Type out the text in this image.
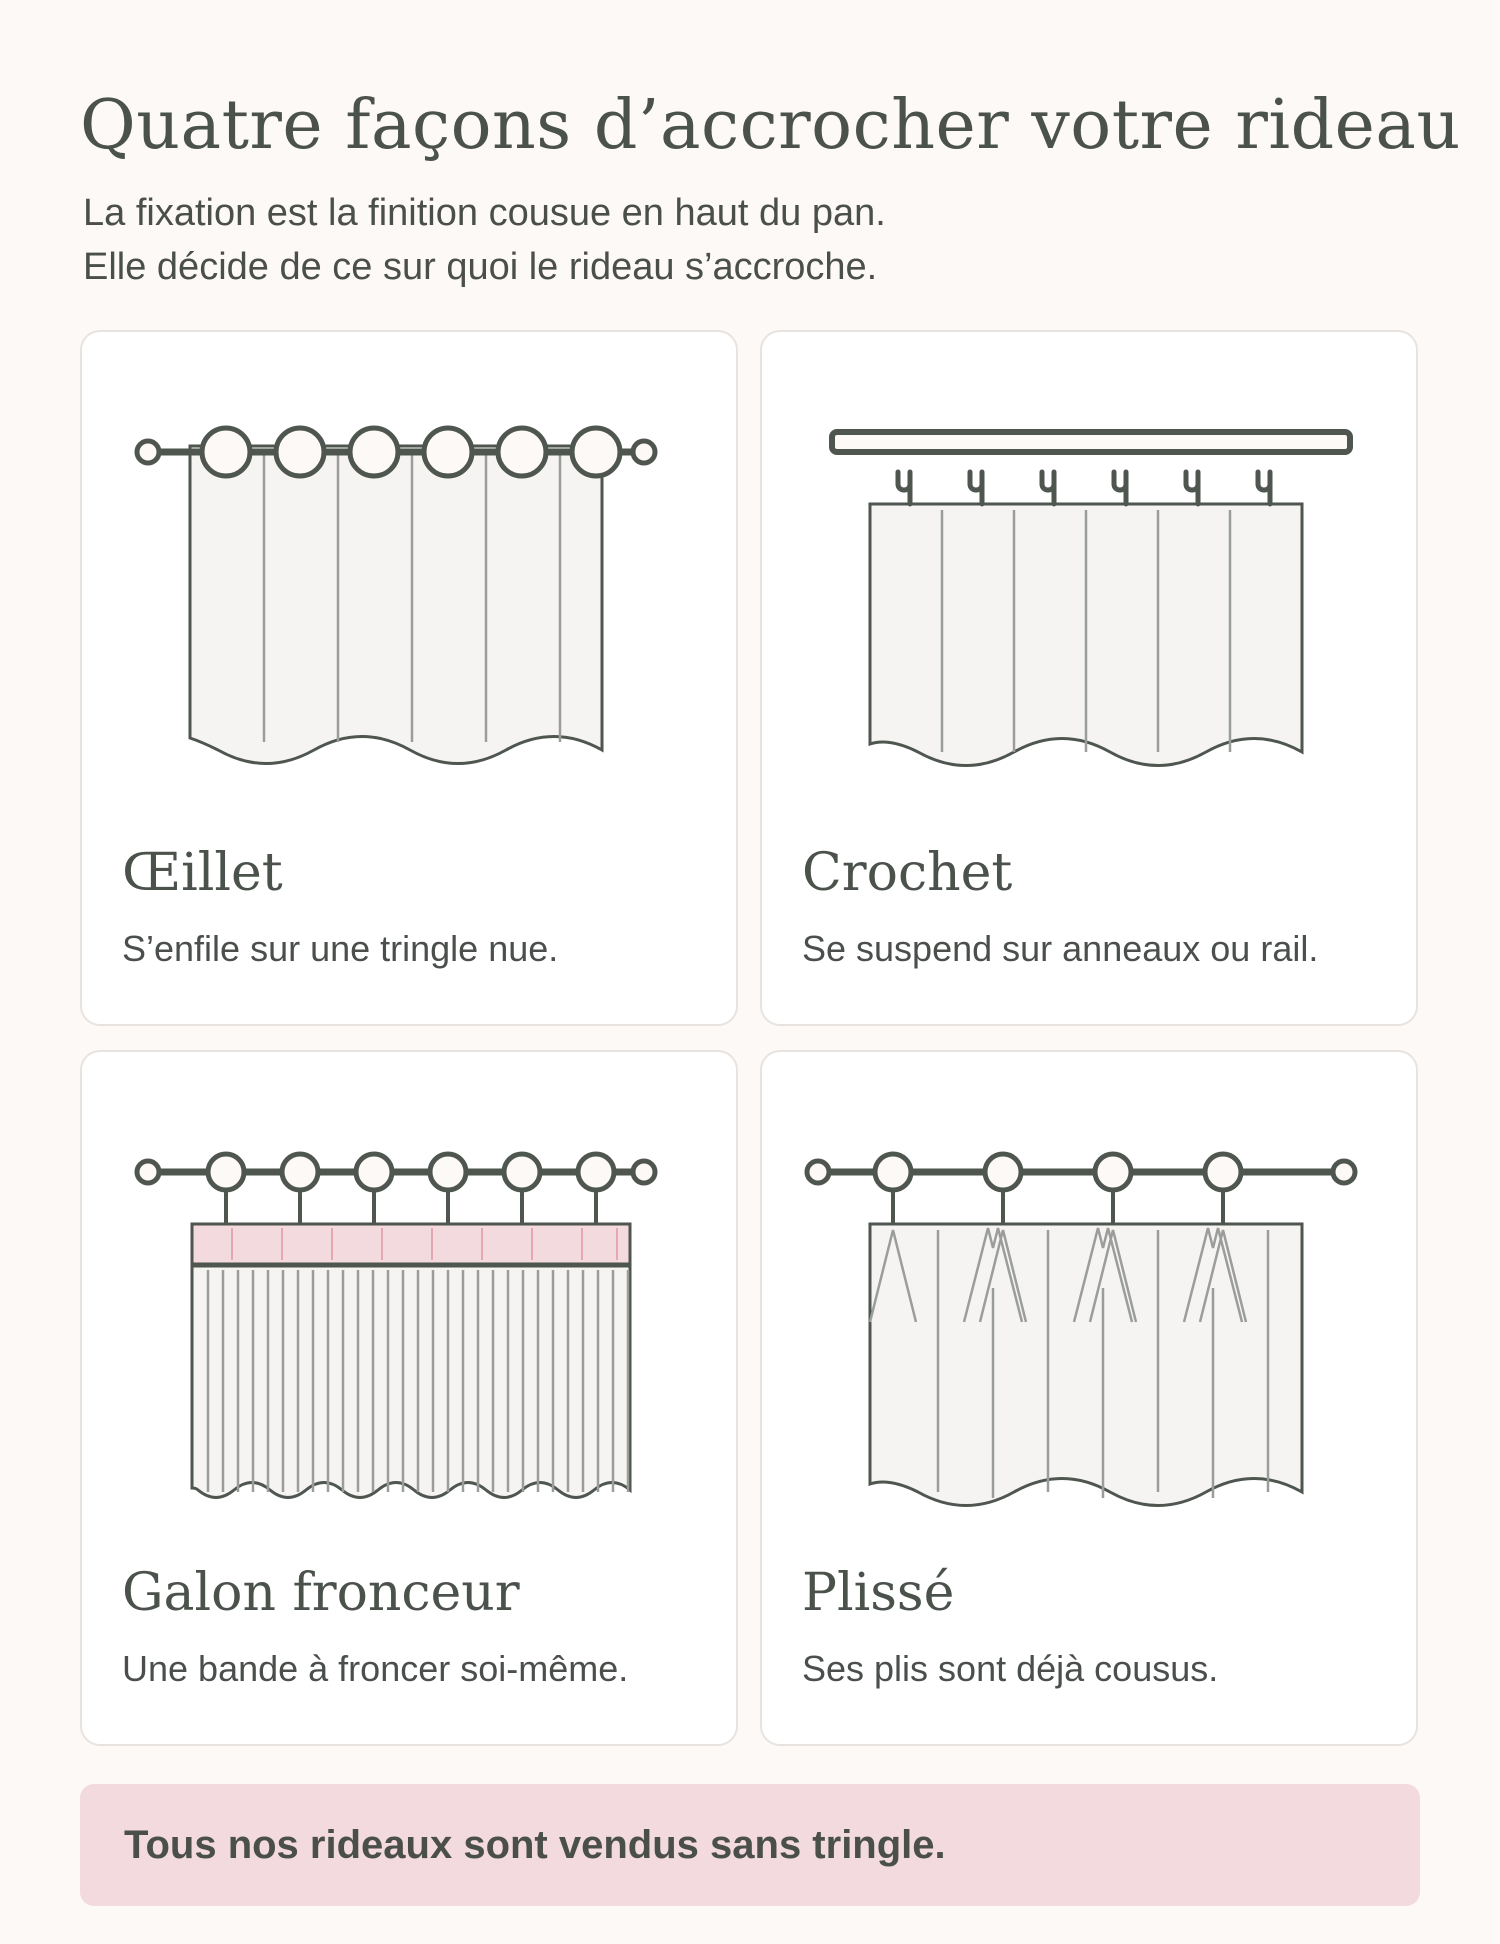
Quatre façons d’accrocher votre rideau

La fixation est la finition cousue en haut du pan.
Elle décide de ce sur quoi le rideau s’accroche.

Œillet

S’enfile sur une tringle nue.

Crochet

Se suspend sur anneaux ou rail.

Galon fronceur

Une bande à froncer soi-même.

Plissé

Ses plis sont déjà cousus.

Tous nos rideaux sont vendus sans tringle.
